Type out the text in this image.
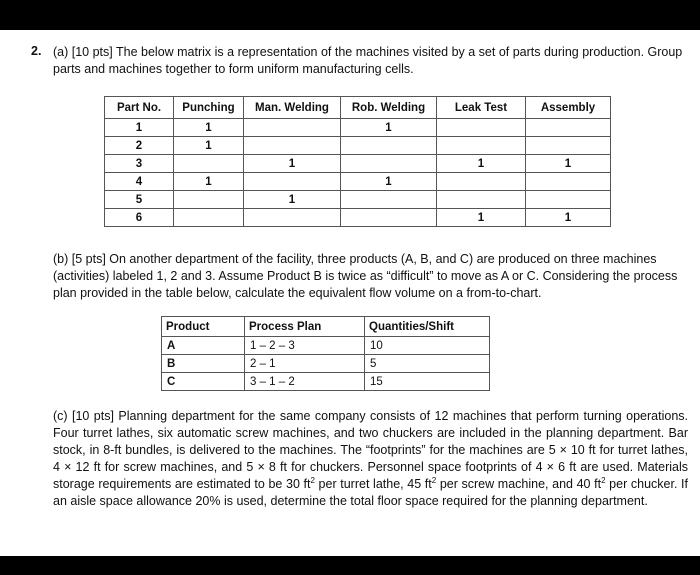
2. (a) [10 pts] The below matrix is a representation of the machines visited by a set of parts during production. Group parts and machines together to form uniform manufacturing cells.
Part No.	Punching	Man. Welding	Rob. Welding	Leak Test	Assembly
1	1		1		
2	1				
3		1		1	1
4	1		1		
5		1			
6				1	1
(b) [5 pts] On another department of the facility, three products (A, B, and C) are produced on three machines (activities) labeled 1, 2 and 3. Assume Product B is twice as “difficult” to move as A or C. Considering the process plan provided in the table below, calculate the equivalent flow volume on a from-to-chart.
Product	Process Plan	Quantities/Shift
A	1 – 2 – 3	10
B	2 – 1	5
C	3 – 1 – 2	15
(c) [10 pts] Planning department for the same company consists of 12 machines that perform turning operations. Four turret lathes, six automatic screw machines, and two chuckers are included in the planning department. Bar stock, in 8-ft bundles, is delivered to the machines. The “footprints” for the machines are 5 × 10 ft for turret lathes, 4 × 12 ft for screw machines, and 5 × 8 ft for chuckers. Personnel space footprints of 4 × 6 ft are used. Materials storage requirements are estimated to be 30 $ft^2$ per turret lathe, 45 $ft^2$ per screw machine, and 40 $ft^2$ per chucker. If an aisle space allowance 20% is used, determine the total floor space required for the planning department.
